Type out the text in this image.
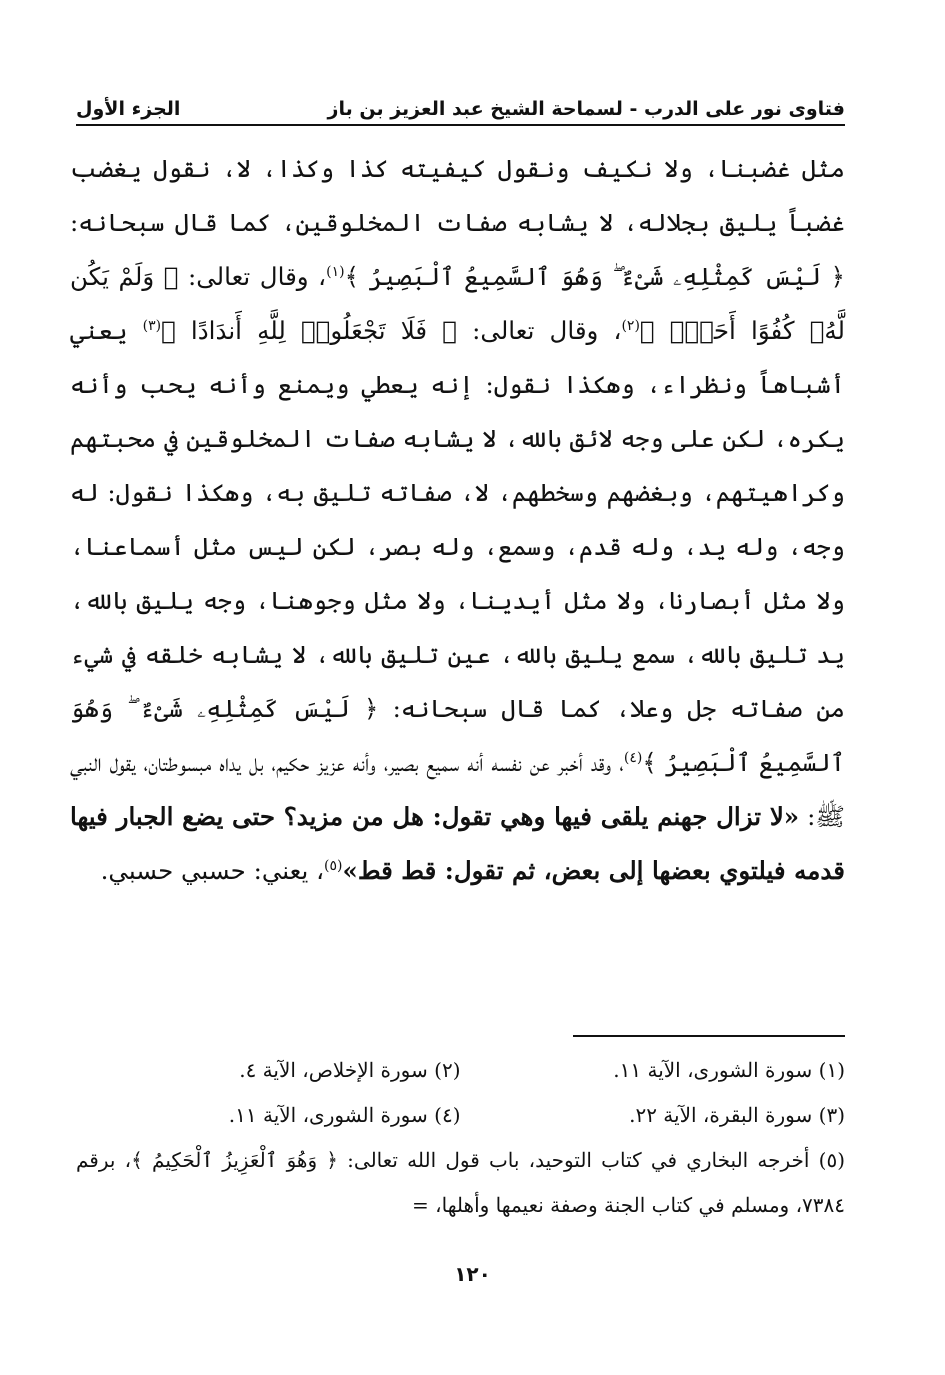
فتاوى نور على الدرب - لسماحة الشيخ عبد العزيز بن باز
الجزء الأول

مثل غضبنا، ولا نكيف ونقول كيفيته كذا وكذا، لا، نقول يغضب غضباً يليق بجلاله، لا يشابه صفات المخلوقين، كما قال سبحانه: ﴿ لَيْسَ كَمِثْلِهِۦ شَىْءٌ ۖ وَهُوَ ٱلسَّمِيعُ ٱلْبَصِيرُ ﴾$^{(١)}$، وقال تعالى: ﴿ وَلَمْ يَكُن لَّهُۥ كُفُوًا أَحَدٌۢ ﴾$^{(٢)}$، وقال تعالى: ﴿ فَلَا تَجْعَلُوا۟ لِلَّهِ أَندَادًا ﴾$^{(٣)}$ يعني أشباهاً ونظراء، وهكذا نقول: إنه يعطي ويمنع وأنه يحب وأنه يكره، لكن على وجه لائق بالله، لا يشابه صفات المخلوقين في محبتهم وكراهيتهم، وبغضهم وسخطهم، لا، صفاته تليق به، وهكذا نقول: له وجه، وله يد، وله قدم، وسمع، وله بصر، لكن ليس مثل أسماعنا، ولا مثل أبصارنا، ولا مثل أيدينا، ولا مثل وجوهنا، وجه يليق بالله، يد تليق بالله، سمع يليق بالله، عين تليق بالله، لا يشابه خلقه في شيء من صفاته جل وعلا، كما قال سبحانه: ﴿ لَيْسَ كَمِثْلِهِۦ شَىْءٌ ۖ وَهُوَ ٱلسَّمِيعُ ٱلْبَصِيرُ ﴾$^{(٤)}$، وقد أخبر عن نفسه أنه سميع بصير، وأنه عزيز حكيم، بل يداه مبسوطتان، يقول النبي ﷺ: «لا تزال جهنم يلقى فيها وهي تقول: هل من مزيد؟ حتى يضع الجبار فيها قدمه فيلتوي بعضها إلى بعض، ثم تقول: قط قط»$^{(٥)}$، يعني: حسبي حسبي.

(١) سورة الشورى، الآية ١١.
(٢) سورة الإخلاص، الآية ٤.
(٣) سورة البقرة، الآية ٢٢.
(٤) سورة الشورى، الآية ١١.
(٥) أخرجه البخاري في كتاب التوحيد، باب قول الله تعالى: ﴿ وَهُوَ ٱلْعَزِيزُ ٱلْحَكِيمُ ﴾، برقم ٧٣٨٤، ومسلم في كتاب الجنة وصفة نعيمها وأهلها، =
١٢٠
